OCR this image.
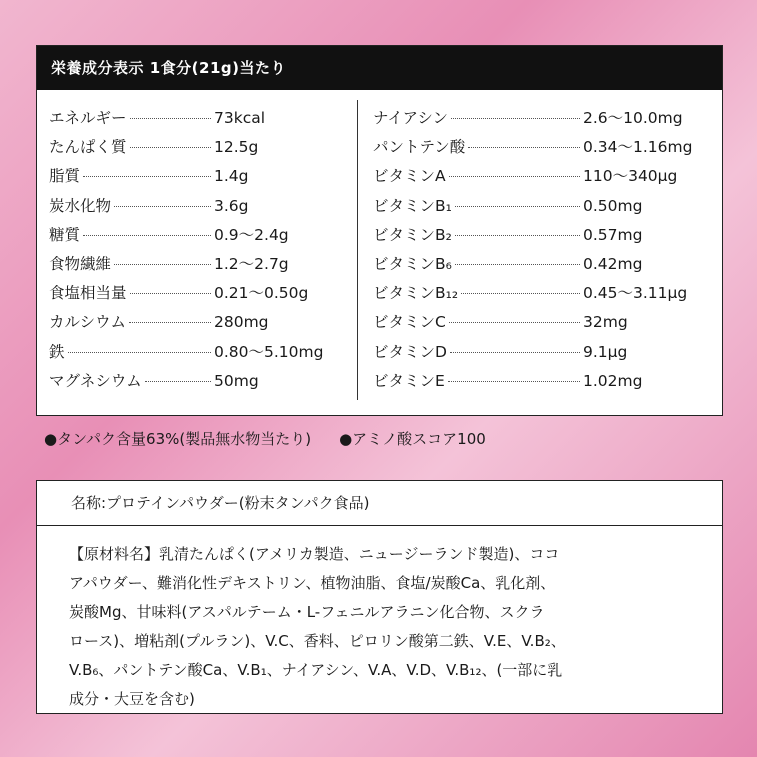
栄養成分表示 1食分(21g)当たり
エネルギー	73kcal
たんぱく質	12.5g
脂質	1.4g
炭水化物	3.6g
糖質	0.9〜2.4g
食物繊維	1.2〜2.7g
食塩相当量	0.21〜0.50g
カルシウム	280mg
鉄	0.80〜5.10mg
マグネシウム	50mg
ナイアシン	2.6〜10.0mg
パントテン酸	0.34〜1.16mg
ビタミンA	110〜340μg
ビタミンB₁	0.50mg
ビタミンB₂	0.57mg
ビタミンB₆	0.42mg
ビタミンB₁₂	0.45〜3.11μg
ビタミンC	32mg
ビタミンD	9.1μg
ビタミンE	1.02mg
●タンパク含量63%(製品無水物当たり) ●アミノ酸スコア100
名称:プロテインパウダー(粉末タンパク食品)
【原材料名】乳清たんぱく(アメリカ製造、ニュージーランド製造)、ココ
アパウダー、難消化性デキストリン、植物油脂、食塩/炭酸Ca、乳化剤、
炭酸Mg、甘味料(アスパルテーム・L-フェニルアラニン化合物、スクラ
ロース)、増粘剤(プルラン)、V.C、香料、ピロリン酸第二鉄、V.E、V.B₂、
V.B₆、パントテン酸Ca、V.B₁、ナイアシン、V.A、V.D、V.B₁₂、(一部に乳
成分・大豆を含む)
